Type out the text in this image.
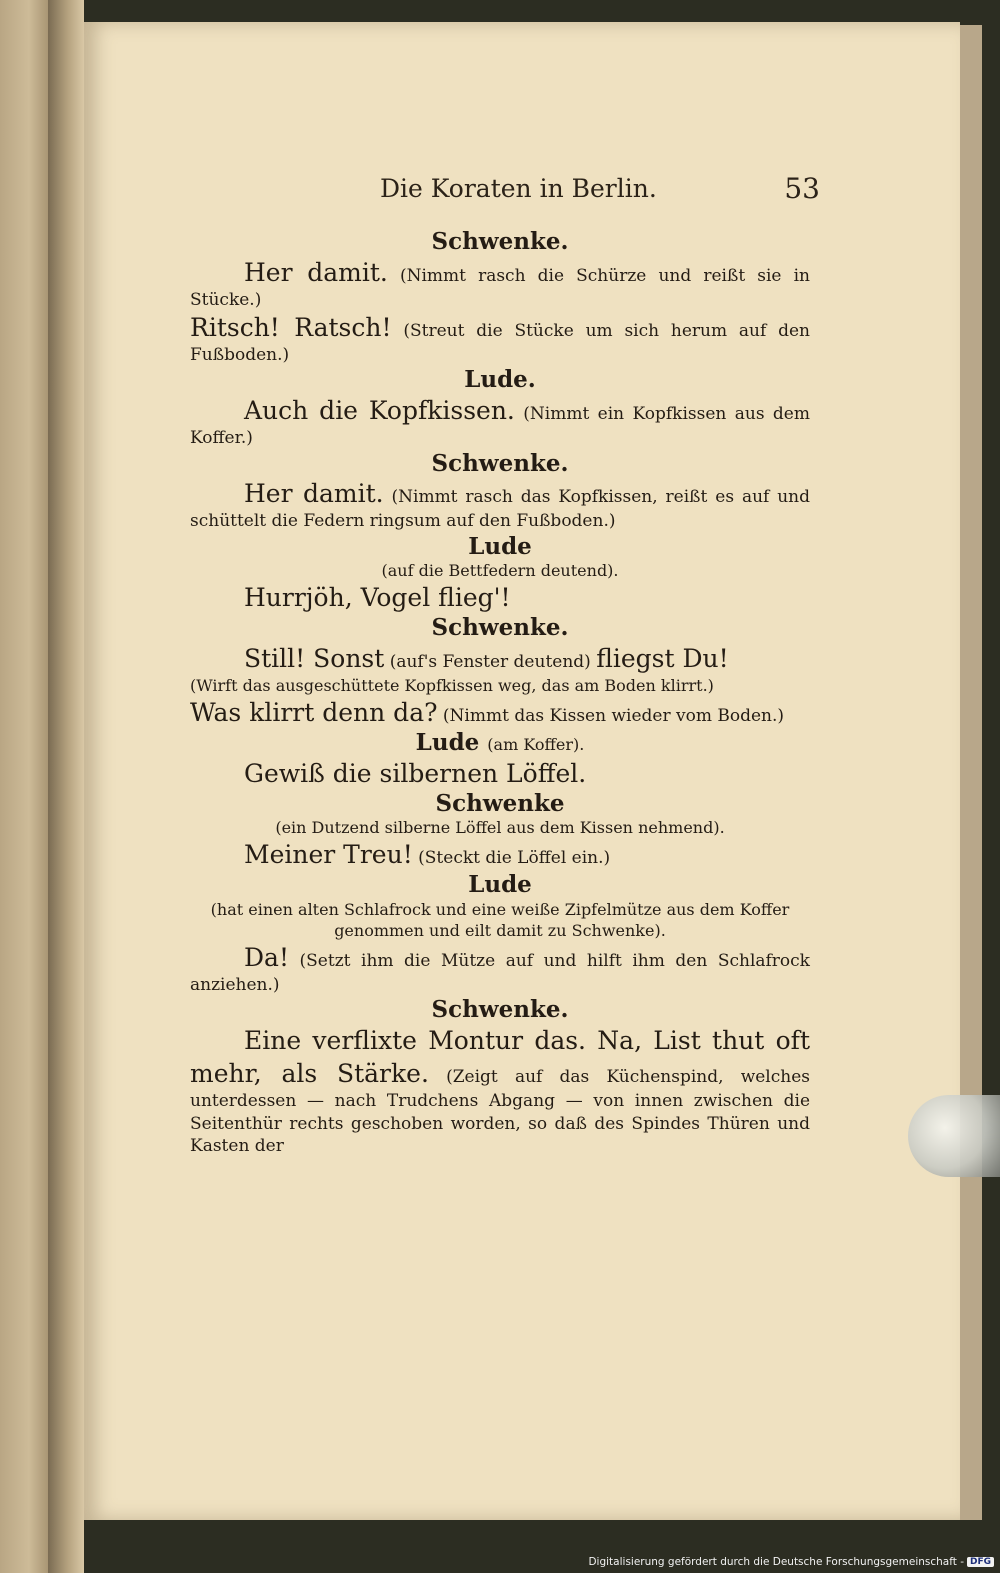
Die Koraten in Berlin.	53

Schwenke.

Her damit. (Nimmt rasch die Schürze und reißt sie in Stücke.)

Ritsch! Ratsch! (Streut die Stücke um sich herum auf den Fußboden.)

Lude.

Auch die Kopfkissen. (Nimmt ein Kopfkissen aus dem Koffer.)

Schwenke.

Her damit. (Nimmt rasch das Kopfkissen, reißt es auf und schüttelt die Federn ringsum auf den Fußboden.)

Lude

(auf die Bettfedern deutend).

Hurrjöh, Vogel flieg'!

Schwenke.

Still! Sonst (auf's Fenster deutend) fliegst Du!

(Wirft das ausgeschüttete Kopfkissen weg, das am Boden klirrt.)

Was klirrt denn da? (Nimmt das Kissen wieder vom Boden.)

Lude (am Koffer).

Gewiß die silbernen Löffel.

Schwenke

(ein Dutzend silberne Löffel aus dem Kissen nehmend).

Meiner Treu! (Steckt die Löffel ein.)

Lude

(hat einen alten Schlafrock und eine weiße Zipfelmütze aus dem Koffer genommen und eilt damit zu Schwenke).

Da! (Setzt ihm die Mütze auf und hilft ihm den Schlafrock anziehen.)

Schwenke.

Eine verflixte Montur das. Na, List thut oft mehr, als Stärke. (Zeigt auf das Küchenspind, welches unterdessen — nach Trudchens Abgang — von innen zwischen die Seitenthür rechts geschoben worden, so daß des Spindes Thüren und Kasten der

Digitalisierung gefördert durch die Deutsche Forschungsgemeinschaft - DFG
